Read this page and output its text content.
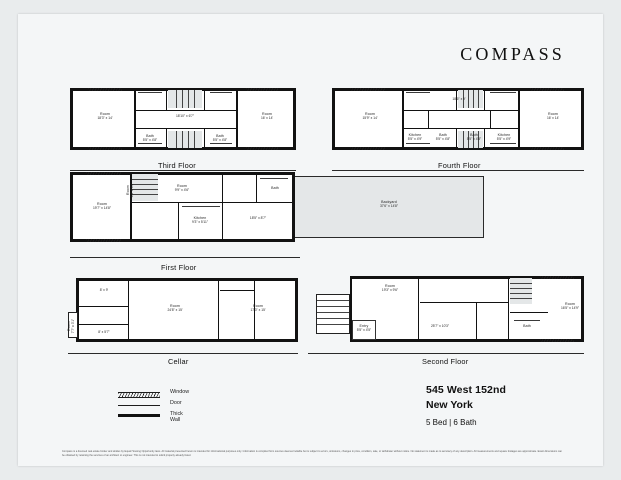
COMPASS
Room
18'3" x 14'
18'10" x 6'7"
Bath
5'5" x 4'8"
Bath
5'5" x 4'8"
Room
16' x 14'
Third Floor
Room
15'9" x 14'
18'6" x 9'
Kitchen
5'5" x 4'9"
Bath
5'5" x 4'8"
Bath
5'5" x 4'8"
Kitchen
5'5" x 4'9"
Room
16' x 14'
Fourth Floor
Room
19'7" x 14'8"
Room
9'9" x 4'6"
Room 8'4" x 4'9"
Kitchen
9'3" x 5'11"
Bath
18'5" x 8'7"
Backyard
37'6" x 14'8"
First Floor
8' x 9'
8' x 5'7"
Room
24'8" x 15'
Room
17'3" x 15'
Room 7'7" x 3'1"
Cellar
Room
19'3" x 9'6"
25'7" x 10'3"
Entry
5'5" x 4'5"
Bath
Room
16'5" x 14'9"
Second Floor
Window
Door
Thick Wall
545 West 152nd
New York
5 Bed | 6 Bath
Compass is a licensed real estate broker and abides by Equal Housing Opportunity laws. All material presented herein is intended for informational purposes only. Information is compiled from sources deemed reliable but is subject to errors, omissions, changes in price, condition, sale, or withdrawn without notice. No statement is made as to accuracy of any description. All measurements and square footages are approximate. Exact dimensions can be obtained by retaining the services of an architect or engineer. This is not intended to solicit property already listed.
